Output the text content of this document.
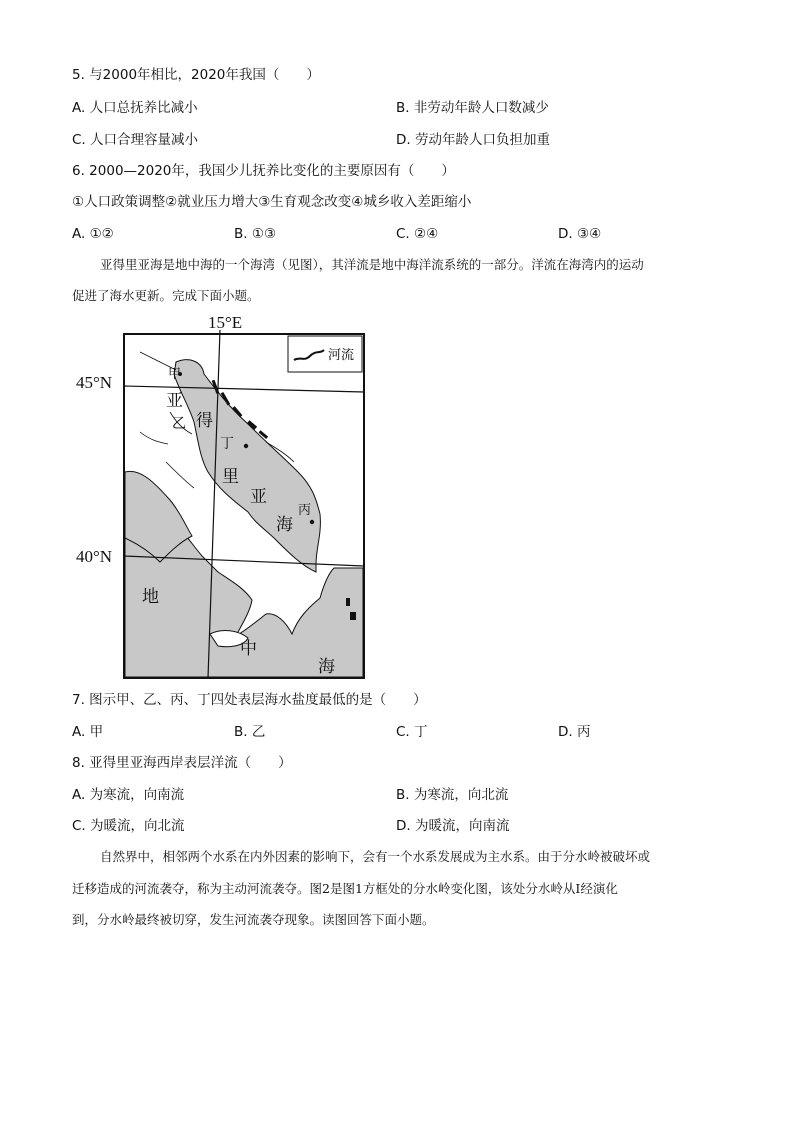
5. 与2000年相比，2020年我国（　　）
A. 人口总抚养比减小	B. 非劳动年龄人口数减少
C. 人口合理容量减小	D. 劳动年龄人口负担加重
6. 2000—2020年，我国少儿抚养比变化的主要原因有（　　）
①人口政策调整②就业压力增大③生育观念改变④城乡收入差距缩小
A. ①②	B. ①③	C. ②④	D. ③④
亚得里亚海是地中海的一个海湾（见图），其洋流是地中海洋流系统的一部分。洋流在海湾内的运动
促进了海水更新。完成下面小题。
15°E
45°N
40°N
河流
甲
丁
丙
乙
亚
得
里
亚
海
地
中
海
7. 图示甲、乙、丙、丁四处表层海水盐度最低的是（　　）
A. 甲	B. 乙	C. 丁	D. 丙
8. 亚得里亚海西岸表层洋流（　　）
A. 为寒流，向南流	B. 为寒流，向北流
C. 为暖流，向北流	D. 为暖流，向南流
自然界中，相邻两个水系在内外因素的影响下，会有一个水系发展成为主水系。由于分水岭被破坏或
迁移造成的河流袭夺，称为主动河流袭夺。图2是图1方框处的分水岭变化图，该处分水岭从Ⅰ经演化
到，分水岭最终被切穿，发生河流袭夺现象。读图回答下面小题。
